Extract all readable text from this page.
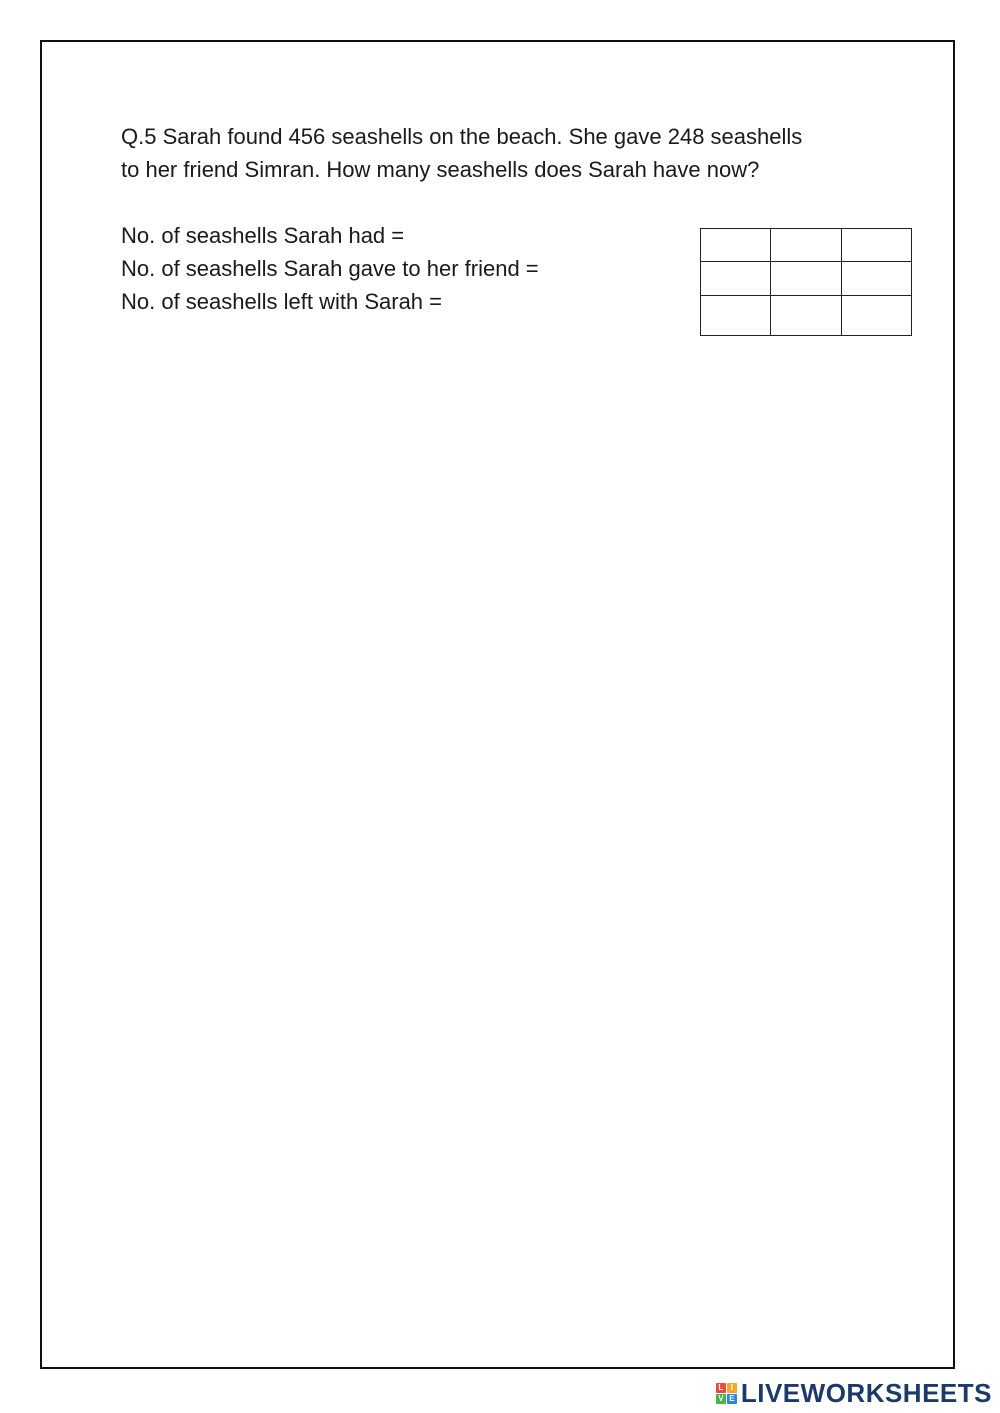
Q.5 Sarah found 456 seashells on the beach. She gave 248 seashells
to her friend Simran. How many seashells does Sarah have now?
No. of seashells Sarah had =
No. of seashells Sarah gave to her friend =
No. of seashells left with Sarah =

L I
V E LIVEWORKSHEETS
